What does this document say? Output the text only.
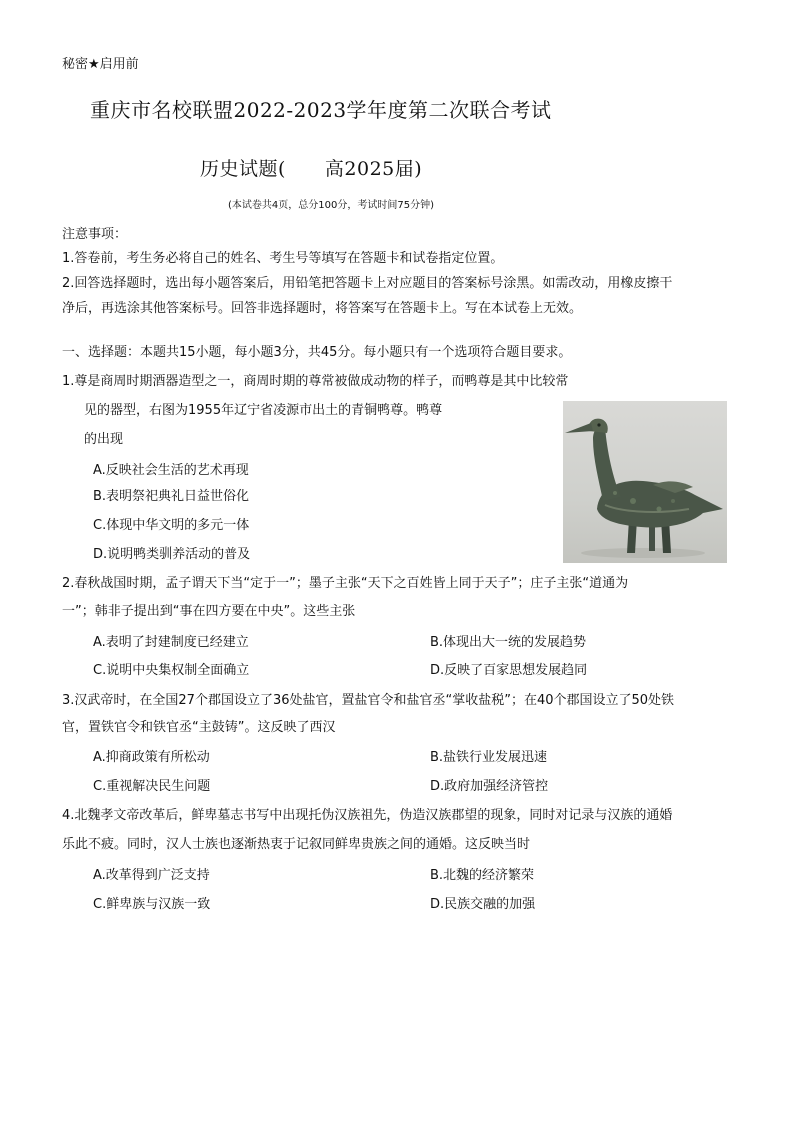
秘密★启用前
重庆市名校联盟2022-2023学年度第二次联合考试
历史试题(　　高2025届)
(本试卷共4页，总分100分，考试时间75分钟)
注意事项：
1.答卷前，考生务必将自己的姓名、考生号等填写在答题卡和试卷指定位置。
2.回答选择题时，选出每小题答案后，用铅笔把答题卡上对应题目的答案标号涂黑。如需改动，用橡皮擦干
净后，再选涂其他答案标号。回答非选择题时，将答案写在答题卡上。写在本试卷上无效。
一、选择题：本题共15小题，每小题3分，共45分。每小题只有一个选项符合题目要求。
1.尊是商周时期酒器造型之一，商周时期的尊常被做成动物的样子，而鸭尊是其中比较常
见的器型，右图为1955年辽宁省凌源市出土的青铜鸭尊。鸭尊
的出现
A.反映社会生活的艺术再现
B.表明祭祀典礼日益世俗化
C.体现中华文明的多元一体
D.说明鸭类驯养活动的普及
2.春秋战国时期，孟子谓天下当“定于一”；墨子主张“天下之百姓皆上同于天子”；庄子主张“道通为
一”；韩非子提出到“事在四方要在中央”。这些主张
A.表明了封建制度已经建立	B.体现出大一统的发展趋势
C.说明中央集权制全面确立	D.反映了百家思想发展趋同
3.汉武帝时，在全国27个郡国设立了36处盐官，置盐官令和盐官丞“掌收盐税”；在40个郡国设立了50处铁
官，置铁官令和铁官丞“主鼓铸”。这反映了西汉
A.抑商政策有所松动	B.盐铁行业发展迅速
C.重视解决民生问题	D.政府加强经济管控
4.北魏孝文帝改革后，鲜卑墓志书写中出现托伪汉族祖先，伪造汉族郡望的现象，同时对记录与汉族的通婚
乐此不疲。同时，汉人士族也逐渐热衷于记叙同鲜卑贵族之间的通婚。这反映当时
A.改革得到广泛支持	B.北魏的经济繁荣
C.鲜卑族与汉族一致	D.民族交融的加强
